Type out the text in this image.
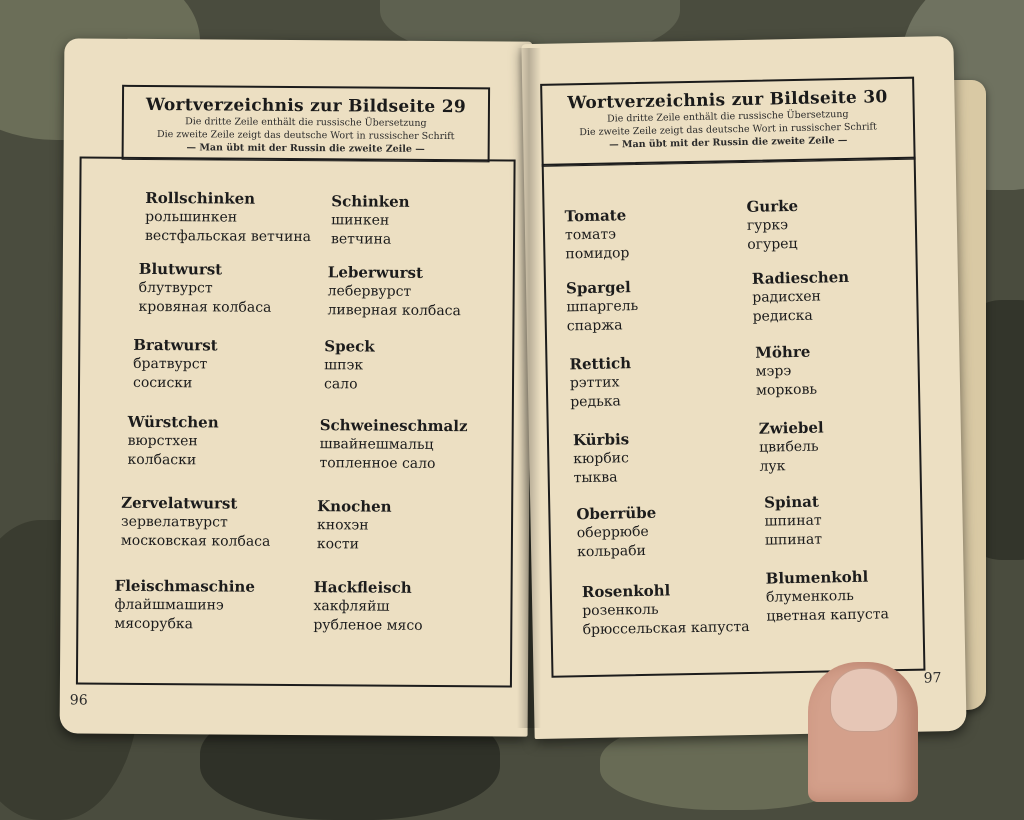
Wortverzeichnis zur Bildseite 29
Die dritte Zeile enthält die russische Übersetzung
Die zweite Zeile zeigt das deutsche Wort in russischer Schrift
— Man übt mit der Russin die zweite Zeile —
Rollschinken
рольшинкен
вестфальская ветчина
Schinken
шинкен
ветчина
Blutwurst
блутвурст
кровяная колбаса
Leberwurst
лебервурст
ливерная колбаса
Bratwurst
братвурст
сосиски
Speck
шпэк
сало
Würstchen
вюрстхен
колбаски
Schweineschmalz
швайнешмальц
топленное сало
Zervelatwurst
зервелатвурст
московская колбаса
Knochen
кнохэн
кости
Fleischmaschine
флайшмашинэ
мясорубка
Hackfleisch
хакфляйш
рубленое мясо
96
Wortverzeichnis zur Bildseite 30
Die dritte Zeile enthält die russische Übersetzung
Die zweite Zeile zeigt das deutsche Wort in russischer Schrift
— Man übt mit der Russin die zweite Zeile —
Tomate
томатэ
помидор
Gurke
гуркэ
огурец
Spargel
шпаргель
спаржа
Radieschen
радисхен
редиска
Rettich
рэттих
редька
Möhre
мэрэ
морковь
Kürbis
кюрбис
тыква
Zwiebel
цвибель
лук
Oberrübe
оберрюбе
кольраби
Spinat
шпинат
шпинат
Rosenkohl
розенколь
брюссельская капуста
Blumenkohl
блуменколь
цветная капуста
97
